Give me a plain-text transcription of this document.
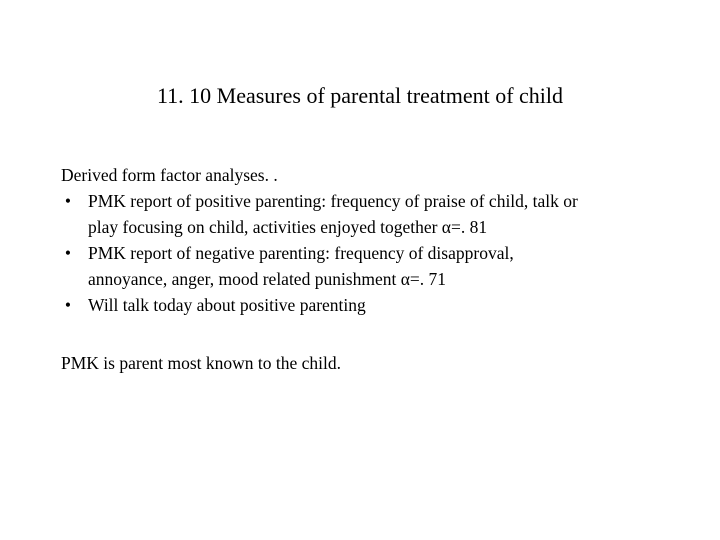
11. 10 Measures of parental treatment of child

Derived form factor analyses. .

• PMK report of positive parenting: frequency of praise of child, talk or
play focusing on child, activities enjoyed together α=. 81
• PMK report of negative parenting: frequency of disapproval,
annoyance, anger, mood related punishment α=. 71
• Will talk today about positive parenting

PMK is parent most known to the child.
